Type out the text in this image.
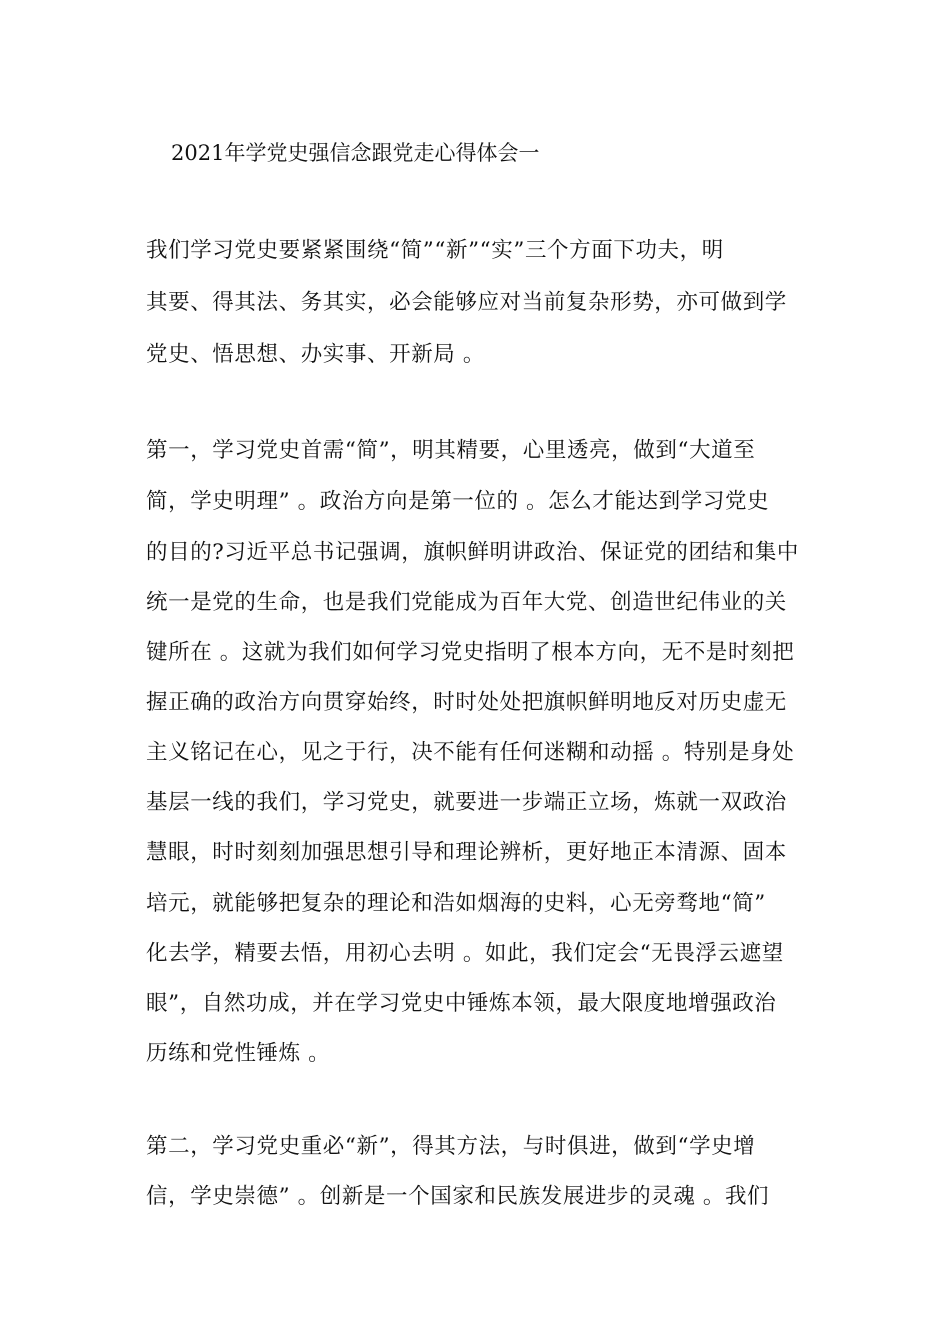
2021年学党史强信念跟党走心得体会一

我们学习党史要紧紧围绕“简”“新”“实”三个方面下功夫，明

其要、得其法、务其实，必会能够应对当前复杂形势，亦可做到学

党史、悟思想、办实事、开新局 。

第一，学习党史首需“简”，明其精要，心里透亮，做到“大道至

简，学史明理” 。政治方向是第一位的 。怎么才能达到学习党史

的目的?习近平总书记强调，旗帜鲜明讲政治、保证党的团结和集中

统一是党的生命，也是我们党能成为百年大党、创造世纪伟业的关

键所在 。这就为我们如何学习党史指明了根本方向，无不是时刻把

握正确的政治方向贯穿始终，时时处处把旗帜鲜明地反对历史虚无

主义铭记在心，见之于行，决不能有任何迷糊和动摇 。特别是身处

基层一线的我们，学习党史，就要进一步端正立场，炼就一双政治

慧眼，时时刻刻加强思想引导和理论辨析，更好地正本清源、固本

培元，就能够把复杂的理论和浩如烟海的史料，心无旁骛地“简”

化去学，精要去悟，用初心去明 。如此，我们定会“无畏浮云遮望

眼”，自然功成，并在学习党史中锤炼本领，最大限度地增强政治

历练和党性锤炼 。

第二，学习党史重必“新”，得其方法，与时俱进，做到“学史增

信，学史崇德” 。创新是一个国家和民族发展进步的灵魂 。我们
